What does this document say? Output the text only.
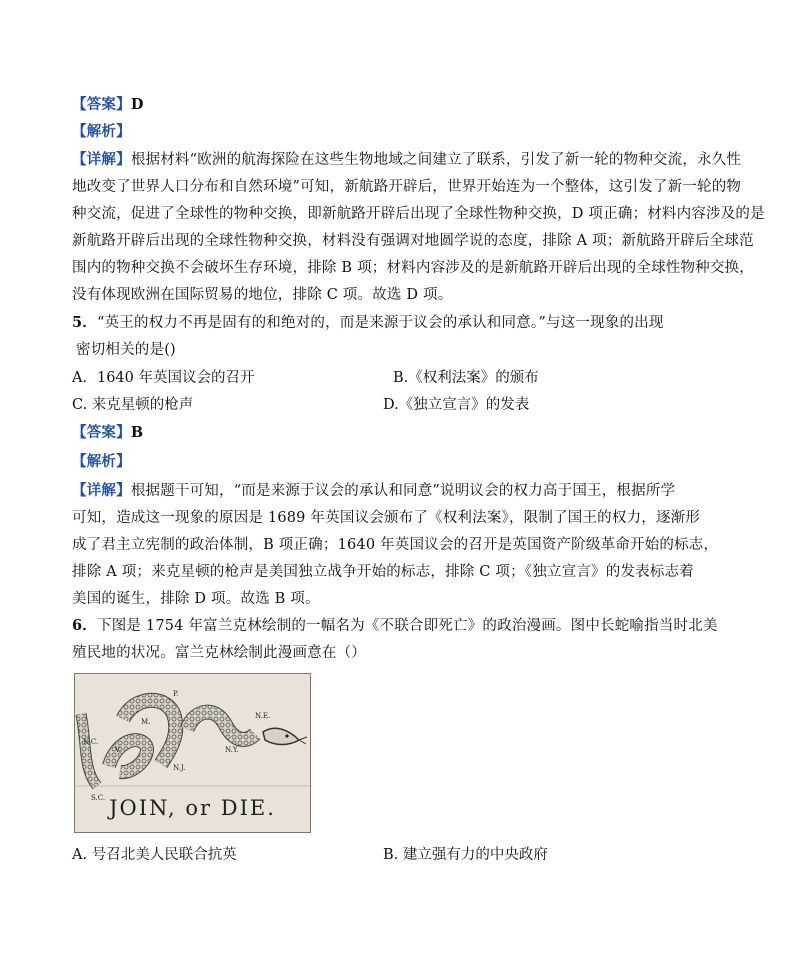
【答案】D
【解析】
【详解】根据材料“欧洲的航海探险在这些生物地域之间建立了联系，引发了新一轮的物种交流，永久性
地改变了世界人口分布和自然环境”可知，新航路开辟后，世界开始连为一个整体，这引发了新一轮的物
种交流，促进了全球性的物种交换，即新航路开辟后出现了全球性物种交换，D 项正确；材料内容涉及的是
新航路开辟后出现的全球性物种交换，材料没有强调对地圆学说的态度，排除 A 项；新航路开辟后全球范
围内的物种交换不会破坏生存环境，排除 B 项；材料内容涉及的是新航路开辟后出现的全球性物种交换，
没有体现欧洲在国际贸易的地位，排除 C 项。故选 D 项。
5．“英王的权力不再是固有的和绝对的，而是来源于议会的承认和同意。”与这一现象的出现
密切相关的是()
A．1640 年英国议会的召开	B.《权利法案》的颁布
C. 来克星顿的枪声	D.《独立宣言》的发表
【答案】B
【解析】
【详解】根据题干可知，“而是来源于议会的承认和同意”说明议会的权力高于国王，根据所学
可知，造成这一现象的原因是 1689 年英国议会颁布了《权利法案》，限制了国王的权力，逐渐形
成了君主立宪制的政治体制，B 项正确；1640 年英国议会的召开是英国资产阶级革命开始的标志，
排除 A 项；来克星顿的枪声是美国独立战争开始的标志，排除 C 项；《独立宣言》的发表标志着
美国的诞生，排除 D 项。故选 B 项。
6．下图是 1754 年富兰克林绘制的一幅名为《不联合即死亡》的政治漫画。图中长蛇喻指当时北美
殖民地的状况。富兰克林绘制此漫画意在（）
S.C.
N.C.
V.
M.
P.
N.J.
N.Y.
N.E.
JOIN, or DIE.
A. 号召北美人民联合抗英	B. 建立强有力的中央政府
